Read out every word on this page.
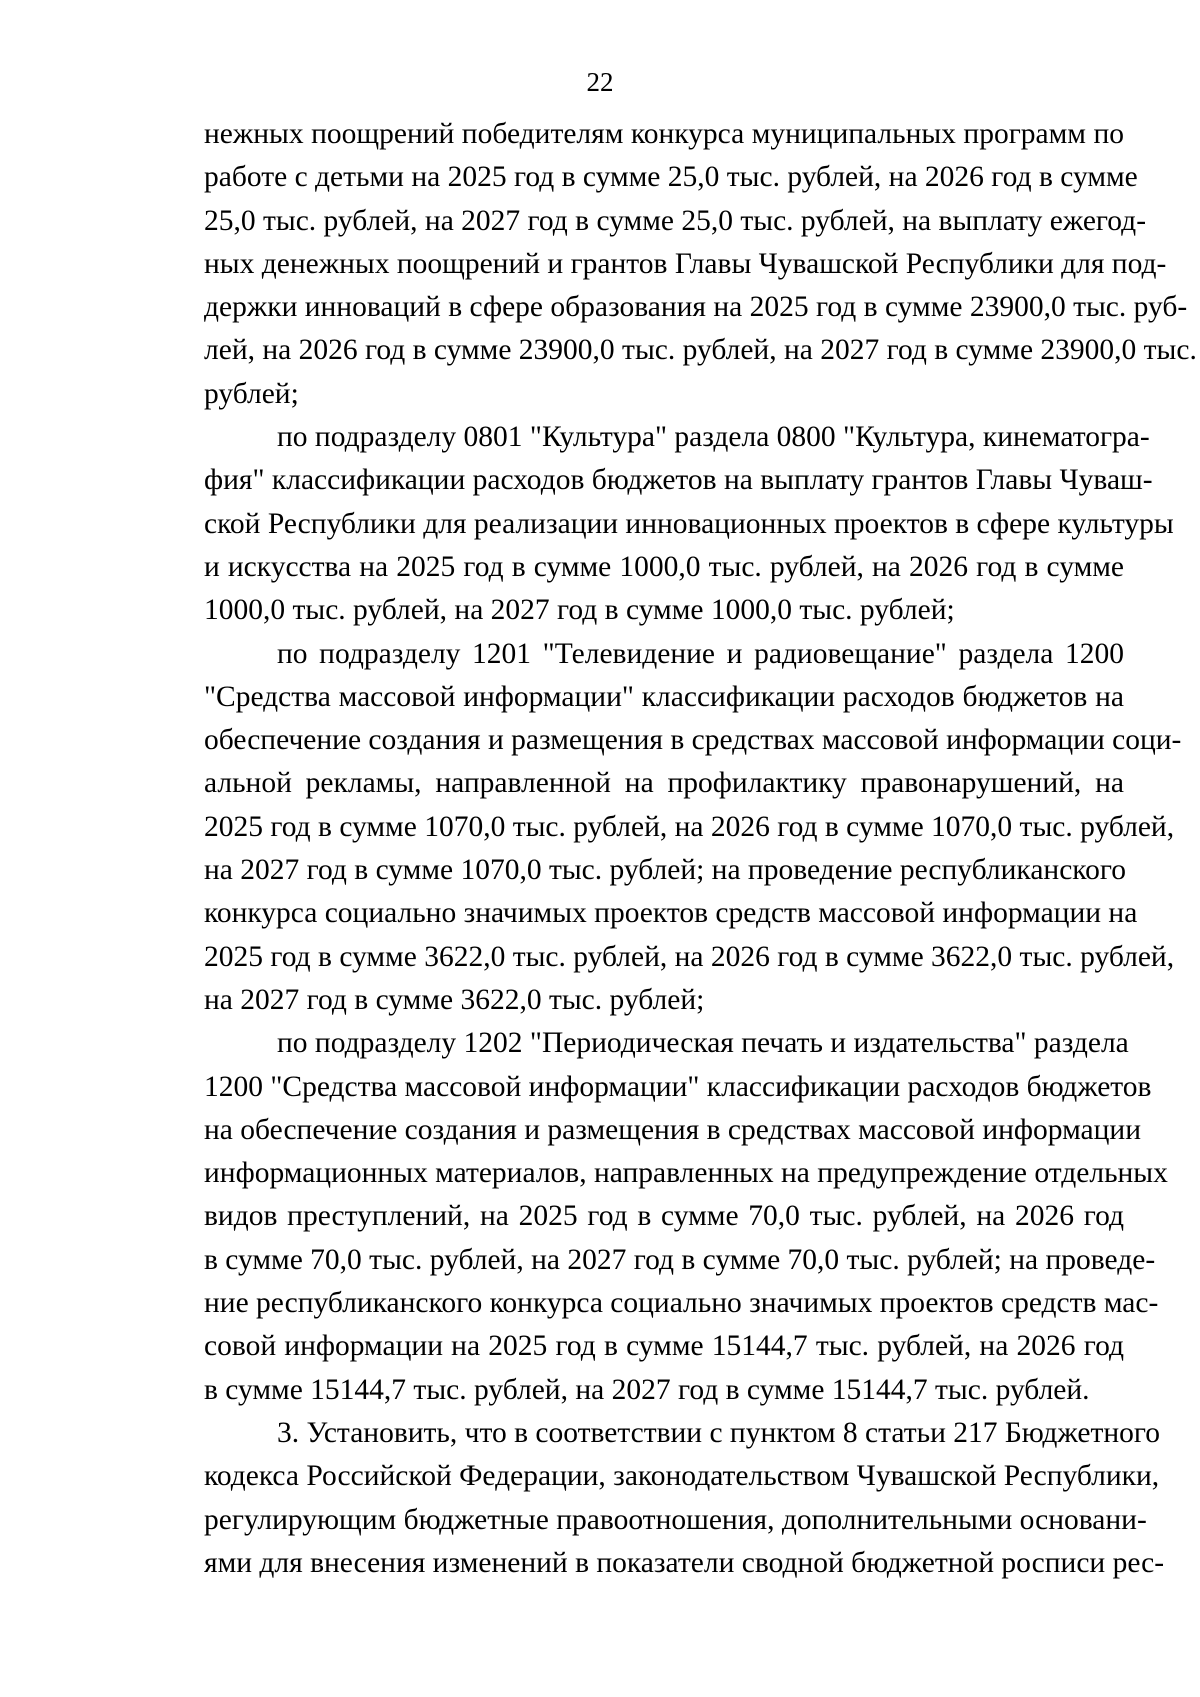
22
нежных поощрений победителям конкурса муниципальных программ по
работе с детьми на 2025 год в сумме 25,0 тыс. рублей, на 2026 год в сумме
25,0 тыс. рублей, на 2027 год в сумме 25,0 тыс. рублей, на выплату ежегод-
ных денежных поощрений и грантов Главы Чувашской Республики для под-
держки инноваций в сфере образования на 2025 год в сумме 23900,0 тыс. руб-
лей, на 2026 год в сумме 23900,0 тыс. рублей, на 2027 год в сумме 23900,0 тыс.
рублей;
по подразделу 0801 "Культура" раздела 0800 "Культура, кинематогра-
фия" классификации расходов бюджетов на выплату грантов Главы Чуваш-
ской Республики для реализации инновационных проектов в сфере культуры
и искусства на 2025 год в сумме 1000,0 тыс. рублей, на 2026 год в сумме
1000,0 тыс. рублей, на 2027 год в сумме 1000,0 тыс. рублей;
по подразделу 1201 "Телевидение и радиовещание" раздела 1200
"Средства массовой информации" классификации расходов бюджетов на
обеспечение создания и размещения в средствах массовой информации соци-
альной рекламы, направленной на профилактику правонарушений, на
2025 год в сумме 1070,0 тыс. рублей, на 2026 год в сумме 1070,0 тыс. рублей,
на 2027 год в сумме 1070,0 тыс. рублей; на проведение республиканского
конкурса социально значимых проектов средств массовой информации на
2025 год в сумме 3622,0 тыс. рублей, на 2026 год в сумме 3622,0 тыс. рублей,
на 2027 год в сумме 3622,0 тыс. рублей;
по подразделу 1202 "Периодическая печать и издательства" раздела
1200 "Средства массовой информации" классификации расходов бюджетов
на обеспечение создания и размещения в средствах массовой информации
информационных материалов, направленных на предупреждение отдельных
видов преступлений, на 2025 год в сумме 70,0 тыс. рублей, на 2026 год
в сумме 70,0 тыс. рублей, на 2027 год в сумме 70,0 тыс. рублей; на проведе-
ние республиканского конкурса социально значимых проектов средств мас-
совой информации на 2025 год в сумме 15144,7 тыс. рублей, на 2026 год
в сумме 15144,7 тыс. рублей, на 2027 год в сумме 15144,7 тыс. рублей.
3. Установить, что в соответствии с пунктом 8 статьи 217 Бюджетного
кодекса Российской Федерации, законодательством Чувашской Республики,
регулирующим бюджетные правоотношения, дополнительными основани-
ями для внесения изменений в показатели сводной бюджетной росписи рес-
